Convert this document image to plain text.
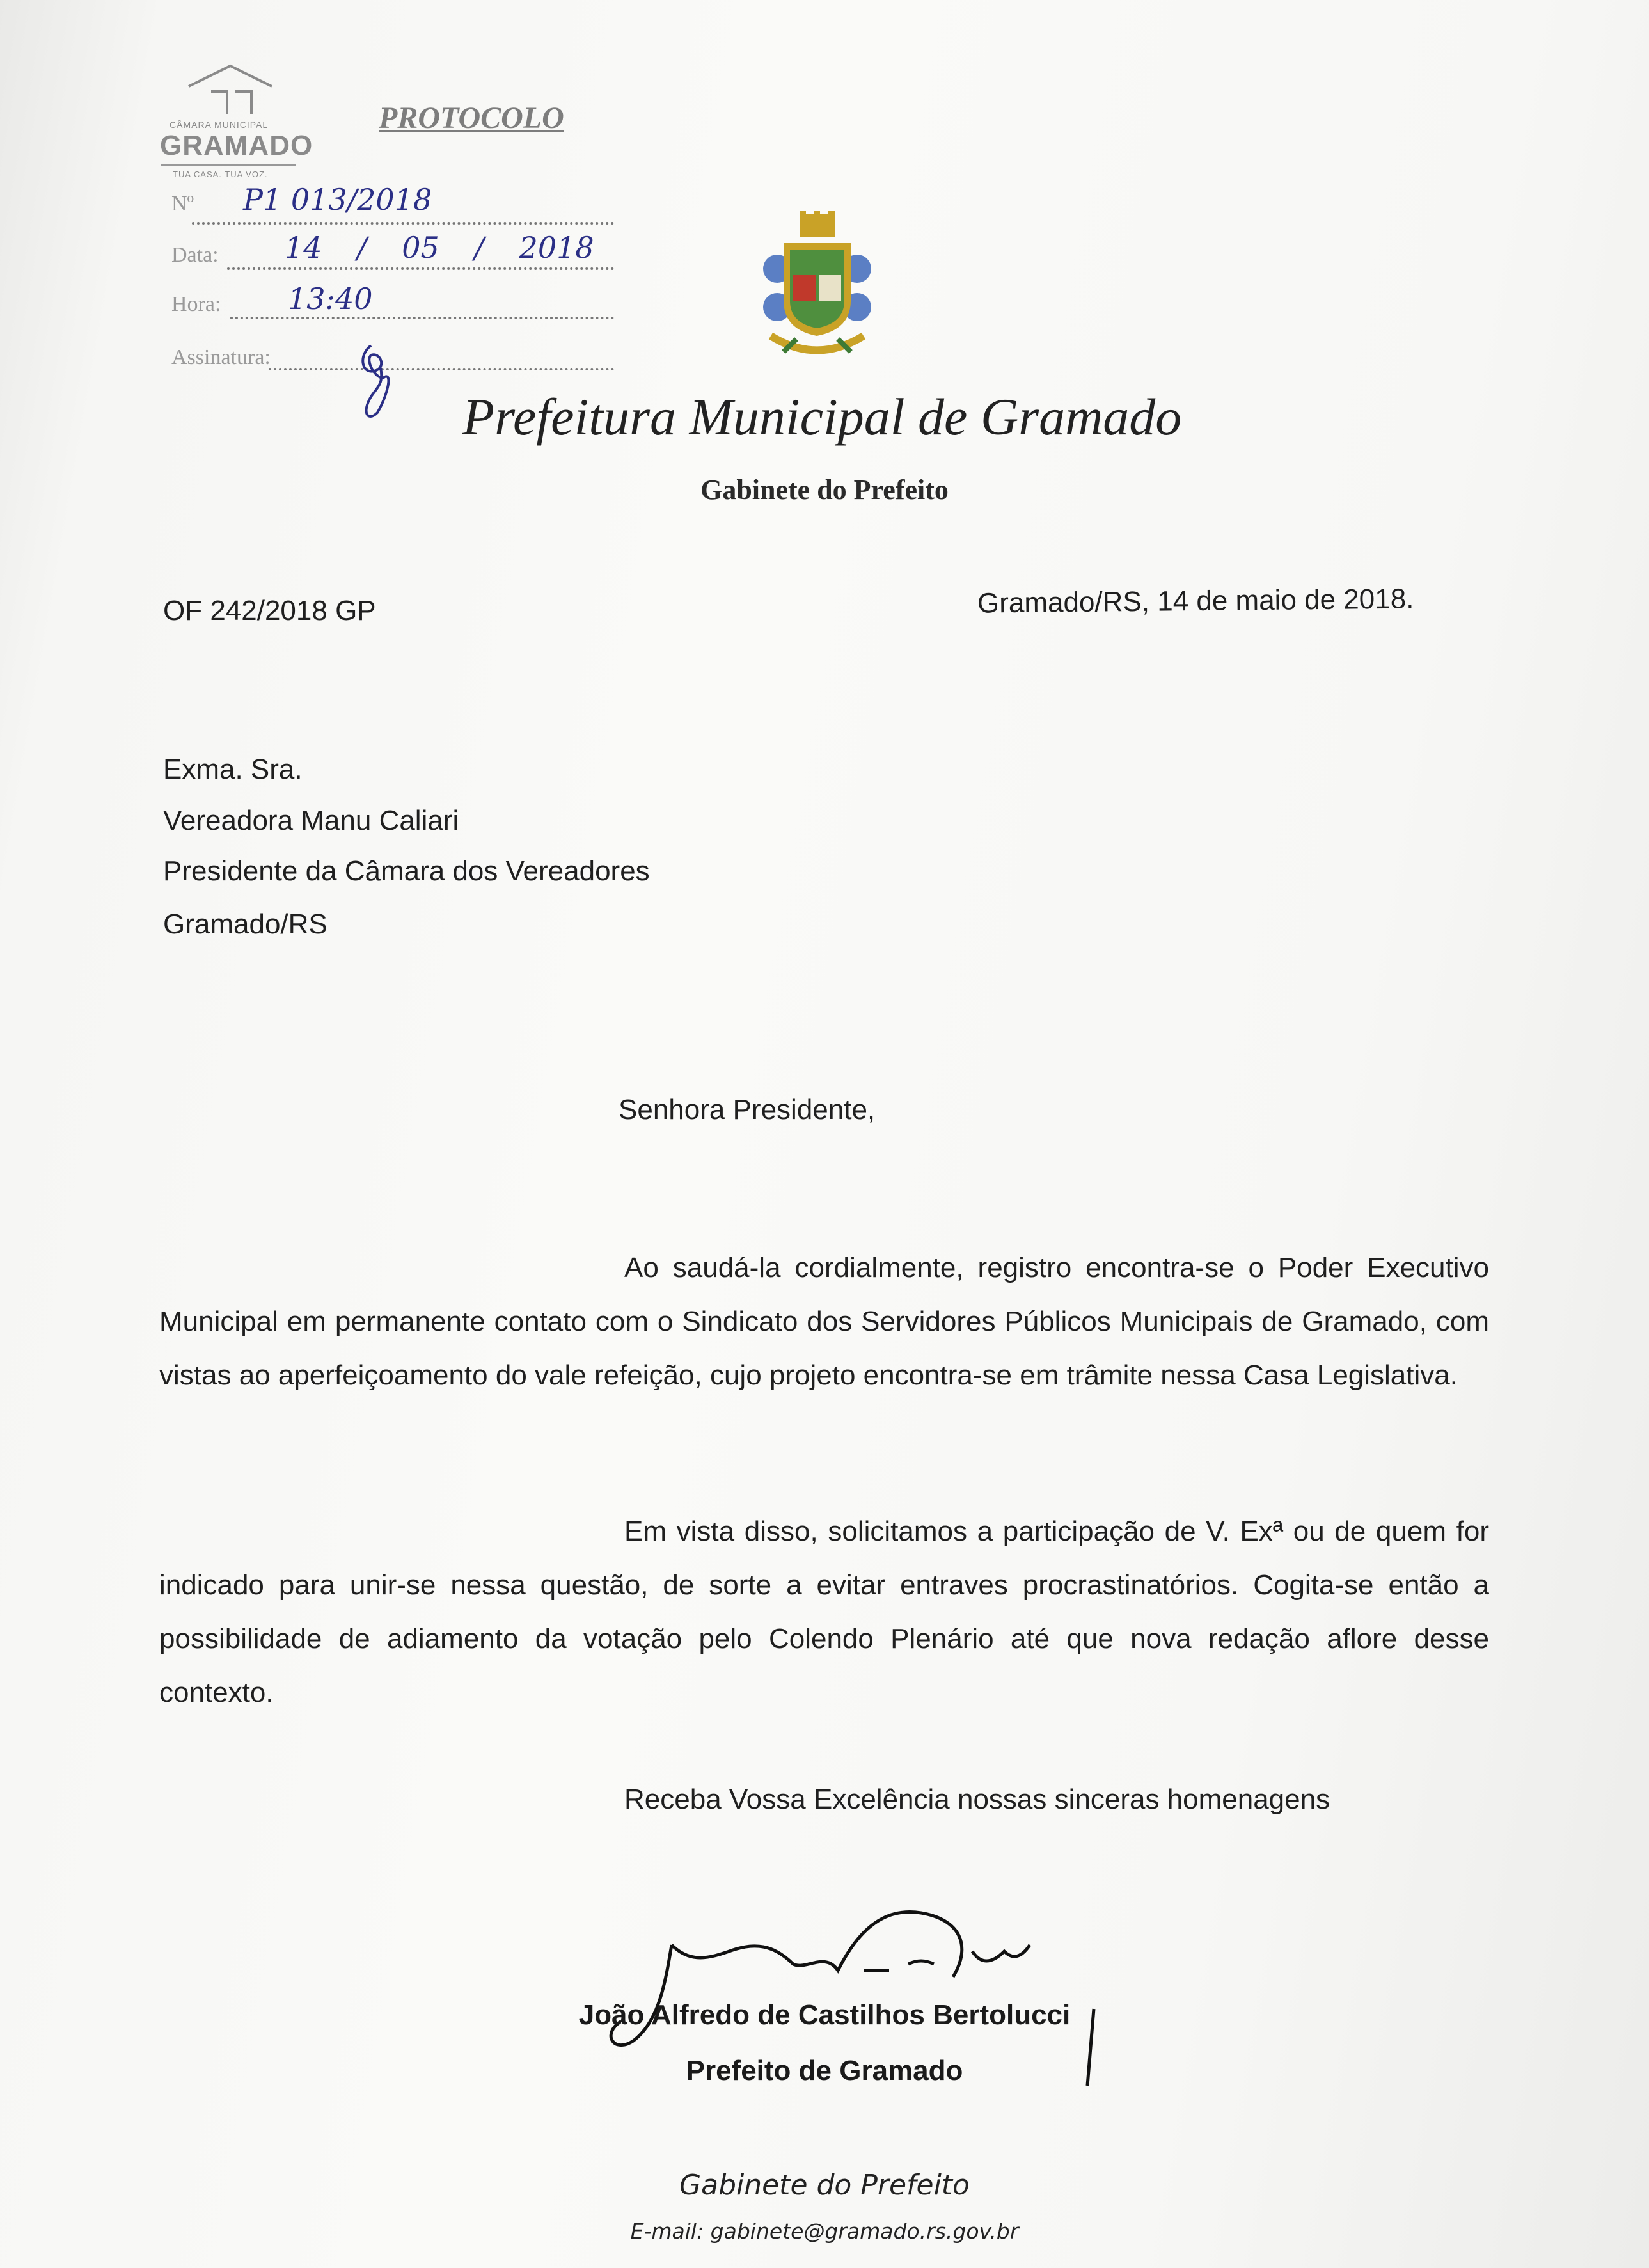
CÂMARA MUNICIPAL
GRAMADO
TUA CASA. TUA VOZ.
PROTOCOLO
Nº P1 013/2018
Data: 14 / 05 / 2018
Hora: 13:40
Assinatura:
Prefeitura Municipal de Gramado
Gabinete do Prefeito
OF 242/2018 GP	Gramado/RS, 14 de maio de 2018.
Exma. Sra.
Vereadora Manu Caliari
Presidente da Câmara dos Vereadores
Gramado/RS
Senhora Presidente,
Ao saudá-la cordialmente, registro encontra-se o Poder Executivo Municipal em permanente contato com o Sindicato dos Servidores Públicos Municipais de Gramado, com vistas ao aperfeiçoamento do vale refeição, cujo projeto encontra-se em trâmite nessa Casa Legislativa.
Em vista disso, solicitamos a participação de V. Exª ou de quem for indicado para unir-se nessa questão, de sorte a evitar entraves procrastinatórios. Cogita-se então a possibilidade de adiamento da votação pelo Colendo Plenário até que nova redação aflore desse contexto.
Receba Vossa Excelência nossas sinceras homenagens
João Alfredo de Castilhos Bertolucci
Prefeito de Gramado
Gabinete do Prefeito
E-mail: gabinete@gramado.rs.gov.br
